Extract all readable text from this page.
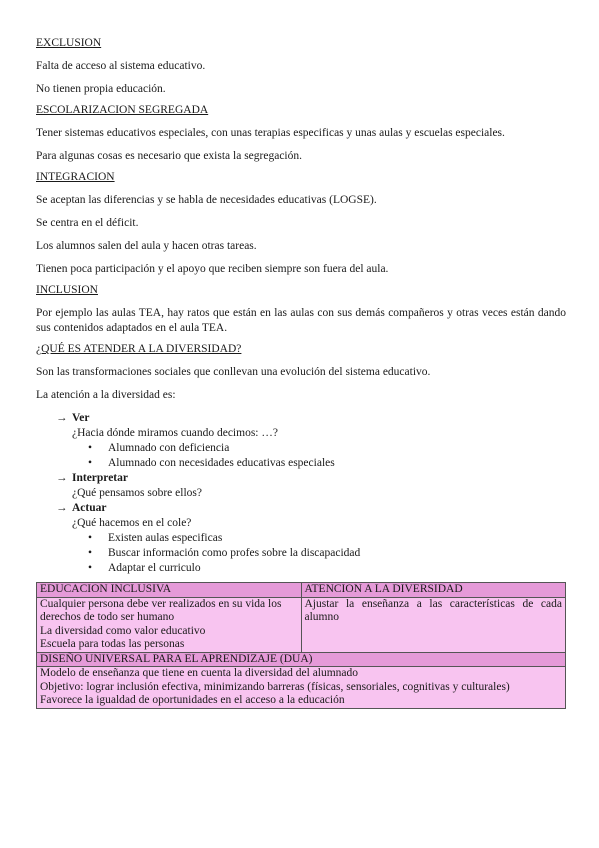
EXCLUSION

Falta de acceso al sistema educativo.

No tienen propia educación.

ESCOLARIZACION SEGREGADA

Tener sistemas educativos especiales, con unas terapias especificas y unas aulas y escuelas especiales.

Para algunas cosas es necesario que exista la segregación.

INTEGRACION

Se aceptan las diferencias y se habla de necesidades educativas (LOGSE).

Se centra en el déficit.

Los alumnos salen del aula y hacen otras tareas.

Tienen poca participación y el apoyo que reciben siempre son fuera del aula.

INCLUSION

Por ejemplo las aulas TEA, hay ratos que están en las aulas con sus demás compañeros y otras veces están dando sus contenidos adaptados en el aula TEA.

¿QUÉ ES ATENDER A LA DIVERSIDAD?

Son las transformaciones sociales que conllevan una evolución del sistema educativo.

La atención a la diversidad es:

→ Ver
¿Hacia dónde miramos cuando decimos: …?
•	Alumnado con deficiencia
•	Alumnado con necesidades educativas especiales
→ Interpretar
¿Qué pensamos sobre ellos?
→ Actuar
¿Qué hacemos en el cole?
•	Existen aulas especificas
•	Buscar información como profes sobre la discapacidad
•	Adaptar el curriculo
EDUCACION INCLUSIVA	ATENCION A LA DIVERSIDAD

Cualquier persona debe ver realizados en su vida los derechos de todo ser humano
La diversidad como valor educativo
Escuela para todas las personas	Ajustar la enseñanza a las características de cada alumno
DISEÑO UNIVERSAL PARA EL APRENDIZAJE (DUA)	

Modelo de enseñanza que tiene en cuenta la diversidad del alumnado
Objetivo: lograr inclusión efectiva, minimizando barreras (físicas, sensoriales, cognitivas y culturales)
Favorece la igualdad de oportunidades en el acceso a la educación	
